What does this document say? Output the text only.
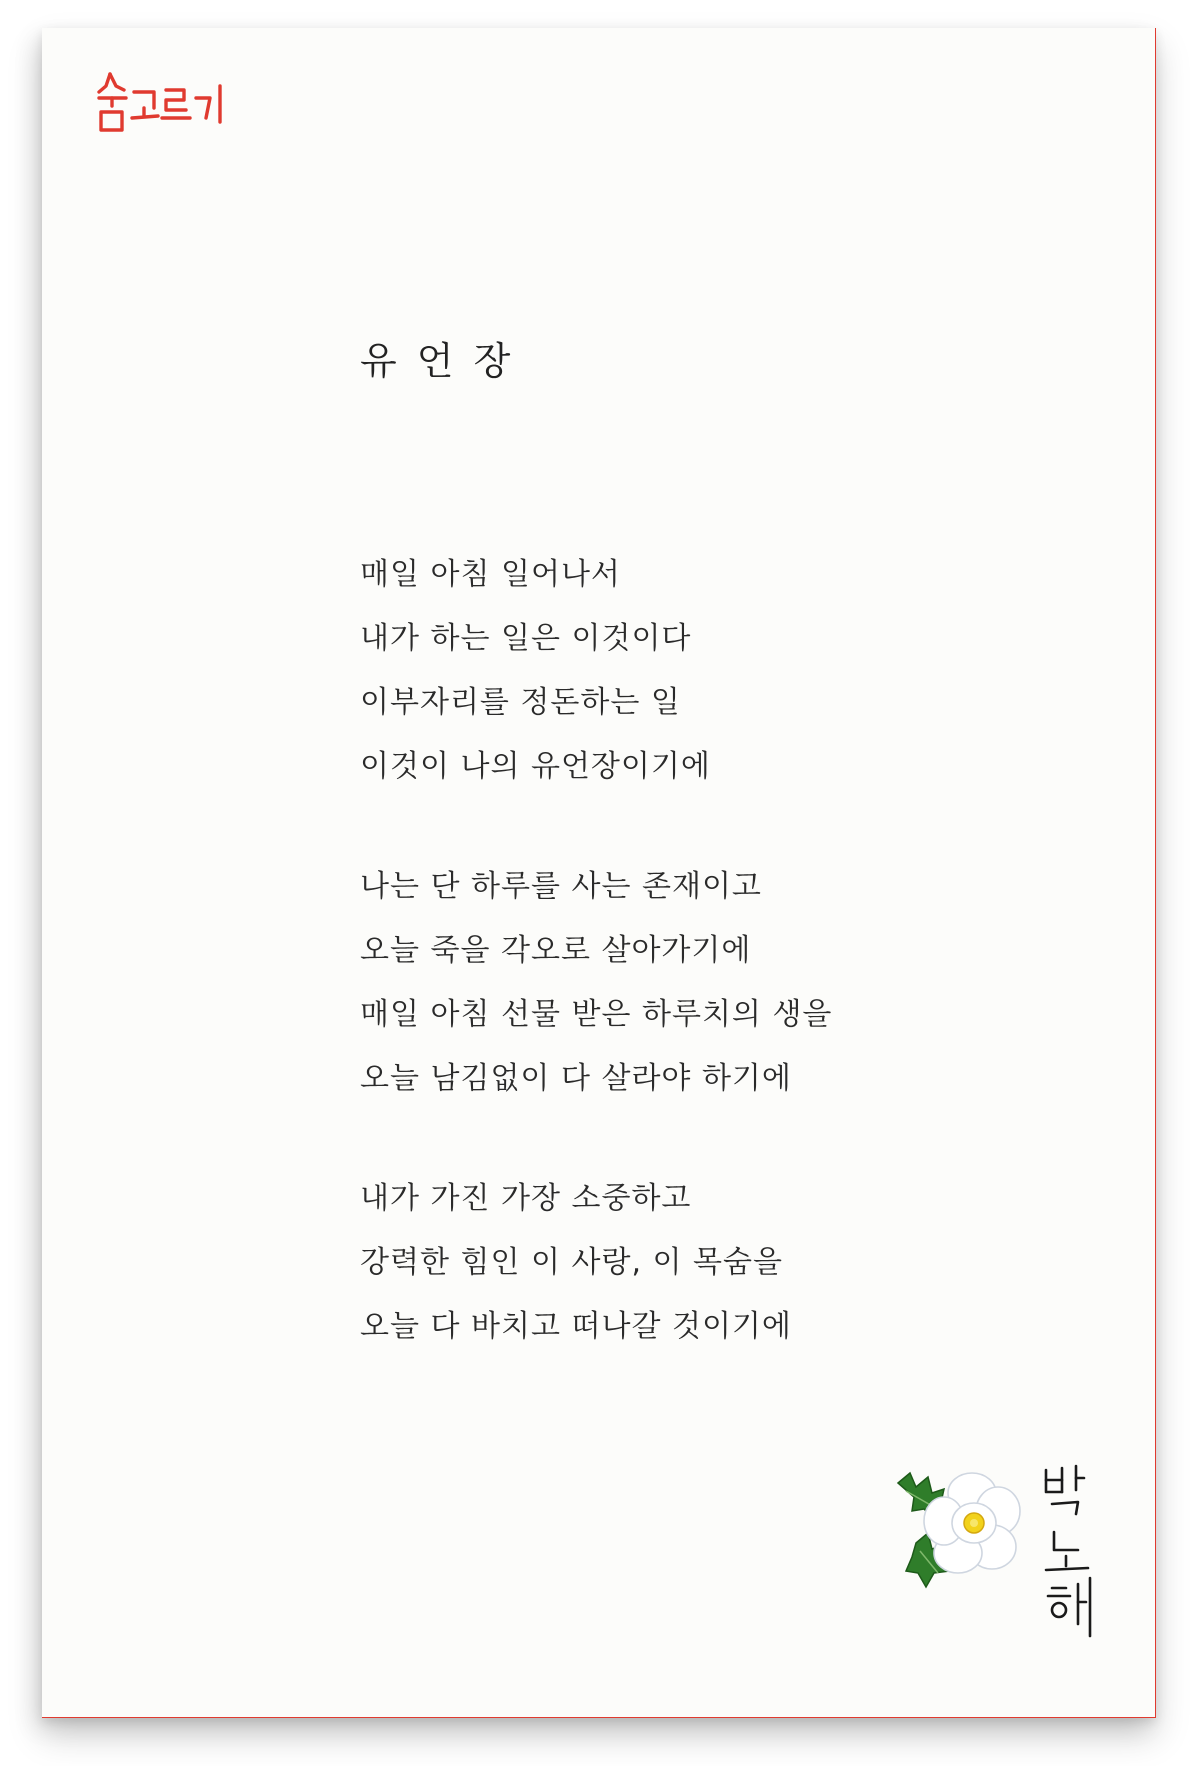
유 언 장
매일 아침 일어나서
내가 하는 일은 이것이다
이부자리를 정돈하는 일
이것이 나의 유언장이기에
나는 단 하루를 사는 존재이고
오늘 죽을 각오로 살아가기에
매일 아침 선물 받은 하루치의 생을
오늘 남김없이 다 살라야 하기에
내가 가진 가장 소중하고
강력한 힘인 이 사랑, 이 목숨을
오늘 다 바치고 떠나갈 것이기에
